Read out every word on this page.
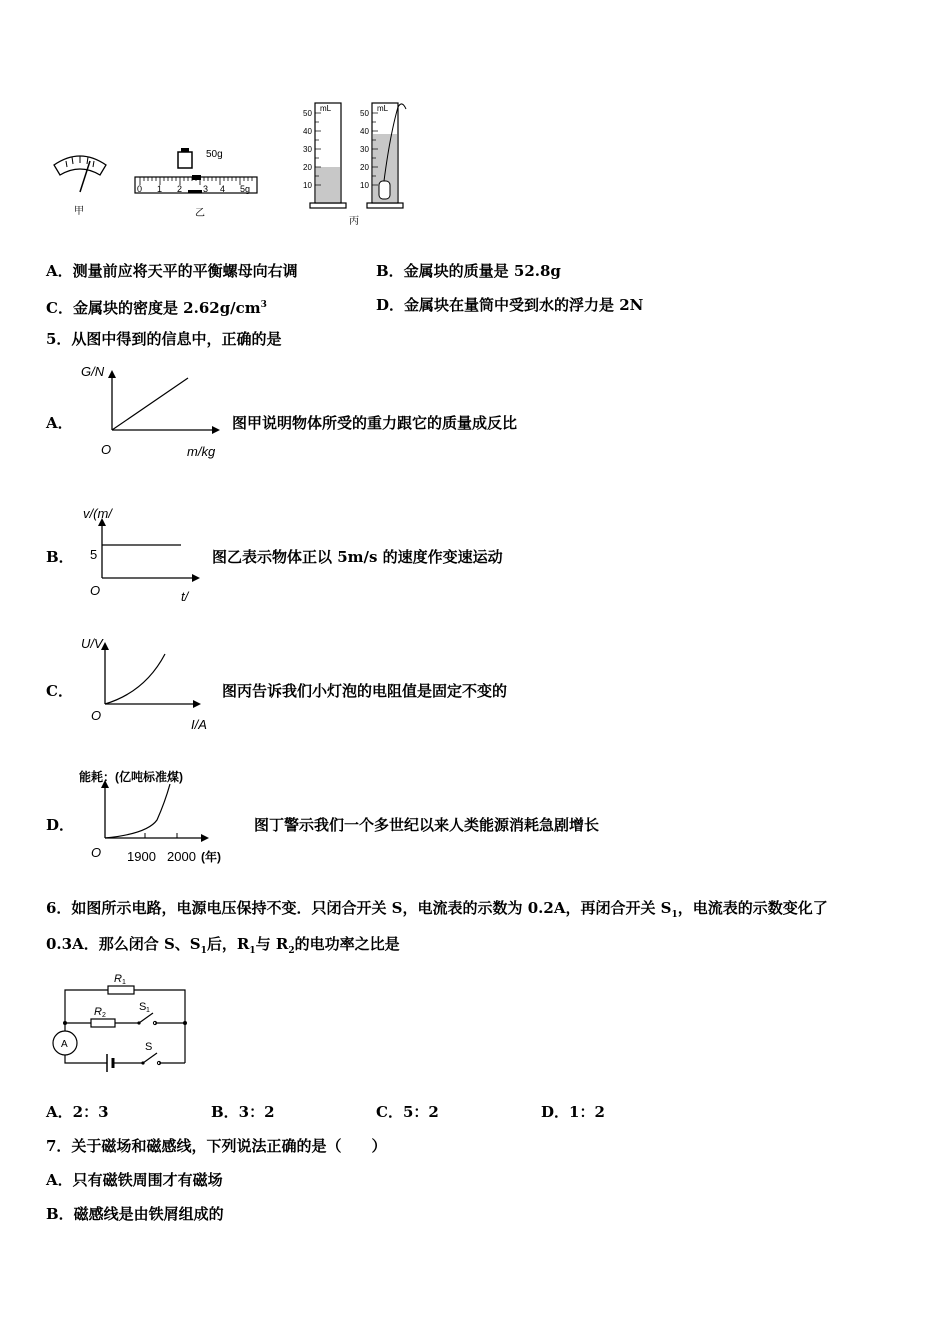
甲
50g
0 1 2 3 4 5g
乙
mL
50
40
30
20
10
mL
50
40
30
20
10
丙
A．测量前应将天平的平衡螺母向右调	B．金属块的质量是 52.8g
C．金属块的密度是 $2.62g/cm^3$	D．金属块在量筒中受到水的浮力是 2N
5．从图中得到的信息中，正确的是
A．
G/N
O	m/kg
图甲说明物体所受的重力跟它的质量成反比
B．
v/(m/
5
O	t/
图乙表示物体正以 5m/s 的速度作变速运动
C．
U/V
O
I/A
图丙告诉我们小灯泡的电阻值是固定不变的
D．
能耗：(亿吨标准煤)
O 1900 2000 (年)
图丁警示我们一个多世纪以来人类能源消耗急剧增长
6．如图所示电路，电源电压保持不变．只闭合开关 S，电流表的示数为 0.2A，再闭合开关 $S_1$，电流表的示数变化了
0.3A．那么闭合 S、$S_1$后，$R_1$与 $R_2$的电功率之比是
A
R 1
R 2
S 1
S
A．2：3	B．3：2	C．5：2	D．1：2
7．关于磁场和磁感线，下列说法正确的是（　　）
A．只有磁铁周围才有磁场
B．磁感线是由铁屑组成的
